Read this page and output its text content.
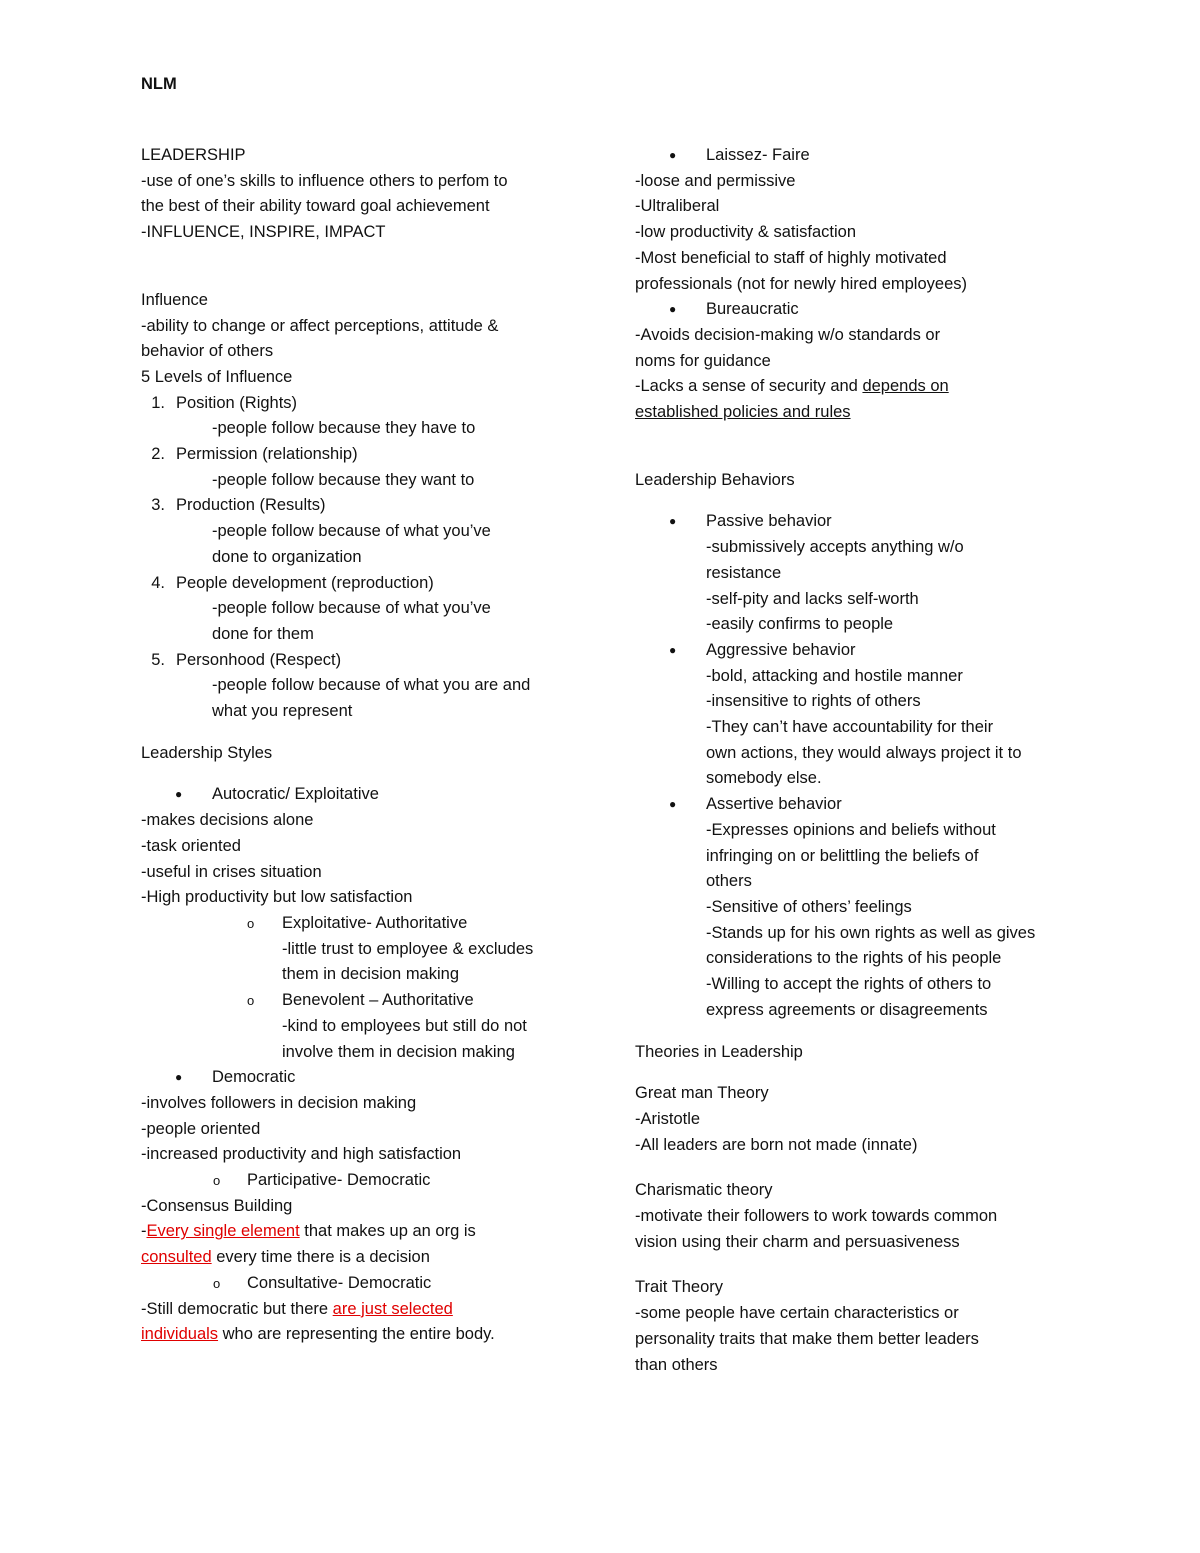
NLM
LEADERSHIP
-use of one’s skills to influence others to perfom to
the best of their ability toward goal achievement
-INFLUENCE, INSPIRE, IMPACT
Influence
-ability to change or affect perceptions, attitude &
behavior of others
5 Levels of Influence
1. Position (Rights)
-people follow because they have to
2. Permission (relationship)
-people follow because they want to
3. Production (Results)
-people follow because of what you’ve
done to organization
4. People development (reproduction)
-people follow because of what you’ve
done for them
5. Personhood (Respect)
-people follow because of what you are and
what you represent
Leadership Styles
● Autocratic/ Exploitative
-makes decisions alone
-task oriented
-useful in crises situation
-High productivity but low satisfaction
o Exploitative- Authoritative
-little trust to employee & excludes
them in decision making
o Benevolent – Authoritative
-kind to employees but still do not
involve them in decision making
● Democratic
-involves followers in decision making
-people oriented
-increased productivity and high satisfaction
o Participative- Democratic
-Consensus Building
-Every single element that makes up an org is
consulted every time there is a decision
o Consultative- Democratic
-Still democratic but there are just selected
individuals who are representing the entire body.
● Laissez- Faire
-loose and permissive
-Ultraliberal
-low productivity & satisfaction
-Most beneficial to staff of highly motivated
professionals (not for newly hired employees)
● Bureaucratic
-Avoids decision-making w/o standards or
noms for guidance
-Lacks a sense of security and depends on
established policies and rules
Leadership Behaviors
● Passive behavior
-submissively accepts anything w/o
resistance
-self-pity and lacks self-worth
-easily confirms to people
● Aggressive behavior
-bold, attacking and hostile manner
-insensitive to rights of others
-They can’t have accountability for their
own actions, they would always project it to
somebody else.
● Assertive behavior
-Expresses opinions and beliefs without
infringing on or belittling the beliefs of
others
-Sensitive of others’ feelings
-Stands up for his own rights as well as gives
considerations to the rights of his people
-Willing to accept the rights of others to
express agreements or disagreements
Theories in Leadership
Great man Theory
-Aristotle
-All leaders are born not made (innate)
Charismatic theory
-motivate their followers to work towards common
vision using their charm and persuasiveness
Trait Theory
-some people have certain characteristics or
personality traits that make them better leaders
than others
